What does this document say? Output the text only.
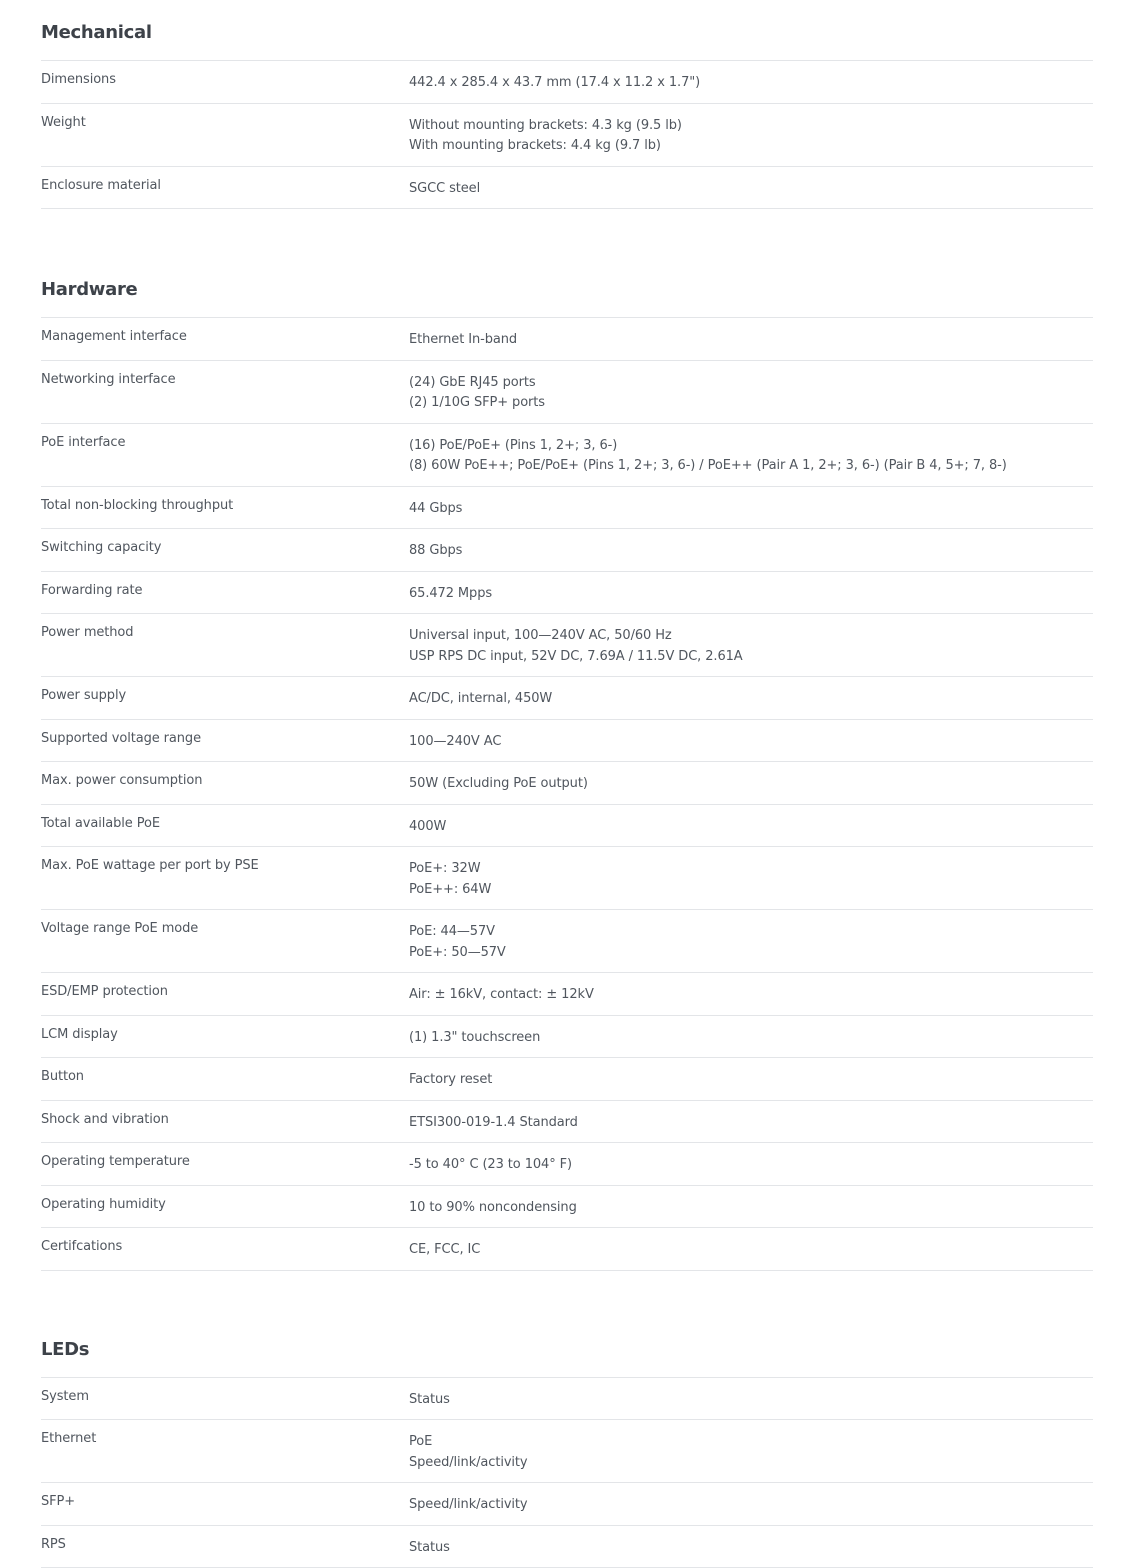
Mechanical
Dimensions	442.4 x 285.4 x 43.7 mm (17.4 x 11.2 x 1.7")
Weight	Without mounting brackets: 4.3 kg (9.5 lb)
With mounting brackets: 4.4 kg (9.7 lb)
Enclosure material	SGCC steel
Hardware
Management interface	Ethernet In-band
Networking interface	(24) GbE RJ45 ports
(2) 1/10G SFP+ ports
PoE interface	(16) PoE/PoE+ (Pins 1, 2+; 3, 6-)
(8) 60W PoE++; PoE/PoE+ (Pins 1, 2+; 3, 6-) / PoE++ (Pair A 1, 2+; 3, 6-) (Pair B 4, 5+; 7, 8-)
Total non-blocking throughput	44 Gbps
Switching capacity	88 Gbps
Forwarding rate	65.472 Mpps
Power method	Universal input, 100—240V AC, 50/60 Hz
USP RPS DC input, 52V DC, 7.69A / 11.5V DC, 2.61A
Power supply	AC/DC, internal, 450W
Supported voltage range	100—240V AC
Max. power consumption	50W (Excluding PoE output)
Total available PoE	400W
Max. PoE wattage per port by PSE	PoE+: 32W
PoE++: 64W
Voltage range PoE mode	PoE: 44—57V
PoE+: 50—57V
ESD/EMP protection	Air: ± 16kV, contact: ± 12kV
LCM display	(1) 1.3" touchscreen
Button	Factory reset
Shock and vibration	ETSI300-019-1.4 Standard
Operating temperature	-5 to 40° C (23 to 104° F)
Operating humidity	10 to 90% noncondensing
Certifcations	CE, FCC, IC
LEDs
System	Status
Ethernet	PoE
Speed/link/activity
SFP+	Speed/link/activity
RPS	Status
